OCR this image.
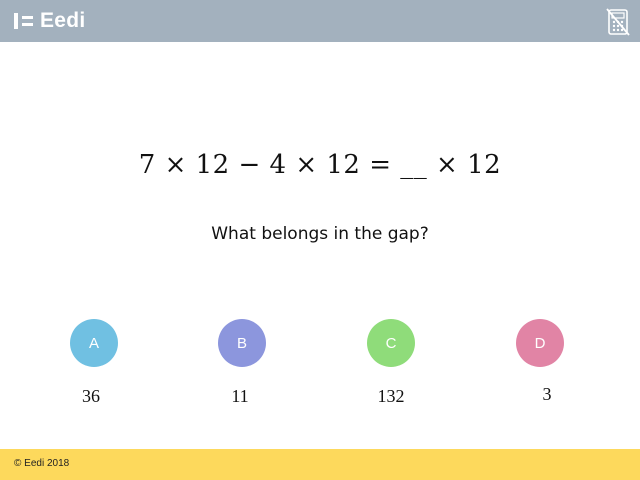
Eedi
7 × 12 − 4 × 12 = __ × 12
What belongs in the gap?
A
36
B
11
C
132
D
3
© Eedi 2018
